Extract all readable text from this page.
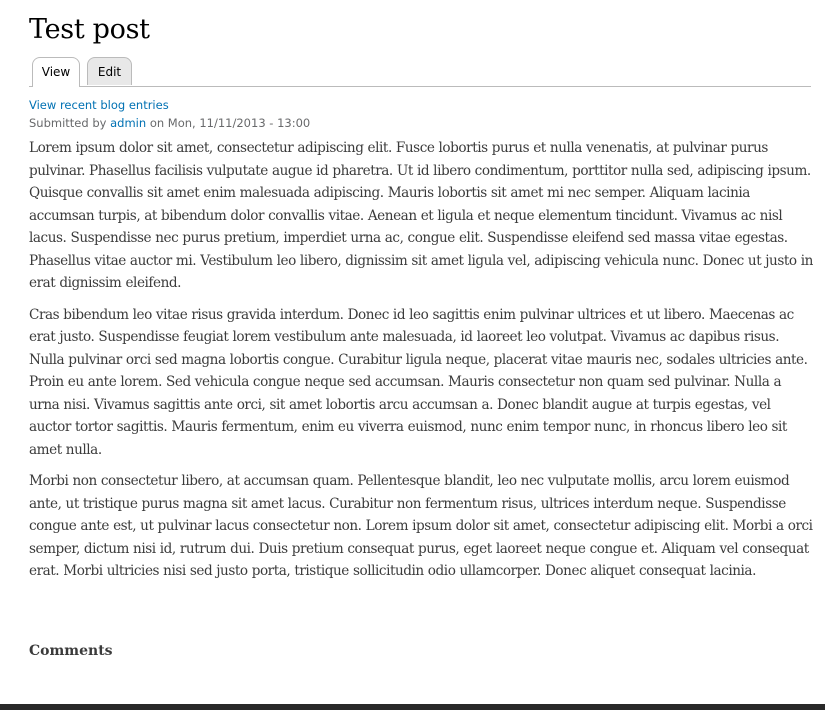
Test post
View	Edit
View recent blog entries
Submitted by admin on Mon, 11/11/2013 - 13:00

Lorem ipsum dolor sit amet, consectetur adipiscing elit. Fusce lobortis purus et nulla venenatis, at pulvinar purus pulvinar. Phasellus facilisis vulputate augue id pharetra. Ut id libero condimentum, porttitor nulla sed, adipiscing ipsum. Quisque convallis sit amet enim malesuada adipiscing. Mauris lobortis sit amet mi nec semper. Aliquam lacinia accumsan turpis, at bibendum dolor convallis vitae. Aenean et ligula et neque elementum tincidunt. Vivamus ac nisl lacus. Suspendisse nec purus pretium, imperdiet urna ac, congue elit. Suspendisse eleifend sed massa vitae egestas. Phasellus vitae auctor mi. Vestibulum leo libero, dignissim sit amet ligula vel, adipiscing vehicula nunc. Donec ut justo in erat dignissim eleifend.

Cras bibendum leo vitae risus gravida interdum. Donec id leo sagittis enim pulvinar ultrices et ut libero. Maecenas ac erat justo. Suspendisse feugiat lorem vestibulum ante malesuada, id laoreet leo volutpat. Vivamus ac dapibus risus. Nulla pulvinar orci sed magna lobortis congue. Curabitur ligula neque, placerat vitae mauris nec, sodales ultricies ante. Proin eu ante lorem. Sed vehicula congue neque sed accumsan. Mauris consectetur non quam sed pulvinar. Nulla a urna nisi. Vivamus sagittis ante orci, sit amet lobortis arcu accumsan a. Donec blandit augue at turpis egestas, vel auctor tortor sagittis. Mauris fermentum, enim eu viverra euismod, nunc enim tempor nunc, in rhoncus libero leo sit amet nulla.

Morbi non consectetur libero, at accumsan quam. Pellentesque blandit, leo nec vulputate mollis, arcu lorem euismod ante, ut tristique purus magna sit amet lacus. Curabitur non fermentum risus, ultrices interdum neque. Suspendisse congue ante est, ut pulvinar lacus consectetur non. Lorem ipsum dolor sit amet, consectetur adipiscing elit. Morbi a orci semper, dictum nisi id, rutrum dui. Duis pretium consequat purus, eget laoreet neque congue et. Aliquam vel consequat erat. Morbi ultricies nisi sed justo porta, tristique sollicitudin odio ullamcorper. Donec aliquet consequat lacinia.

Comments
